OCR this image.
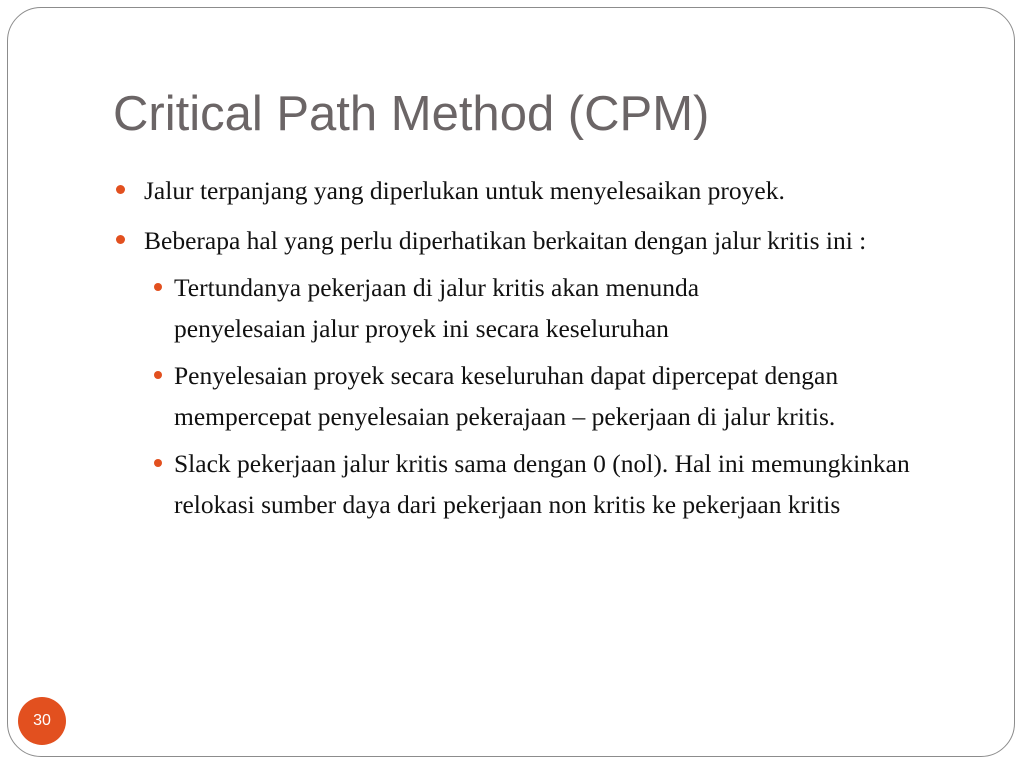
Critical Path Method (CPM)
Jalur terpanjang yang diperlukan untuk menyelesaikan proyek.
Beberapa hal yang perlu diperhatikan berkaitan dengan jalur kritis ini :
Tertundanya pekerjaan di jalur kritis akan menunda penyelesaian jalur proyek ini secara keseluruhan
Penyelesaian proyek secara keseluruhan dapat dipercepat dengan mempercepat penyelesaian pekerajaan – pekerjaan di jalur kritis.
Slack pekerjaan jalur kritis sama dengan 0 (nol). Hal ini memungkinkan relokasi sumber daya dari pekerjaan non kritis ke pekerjaan kritis
30
